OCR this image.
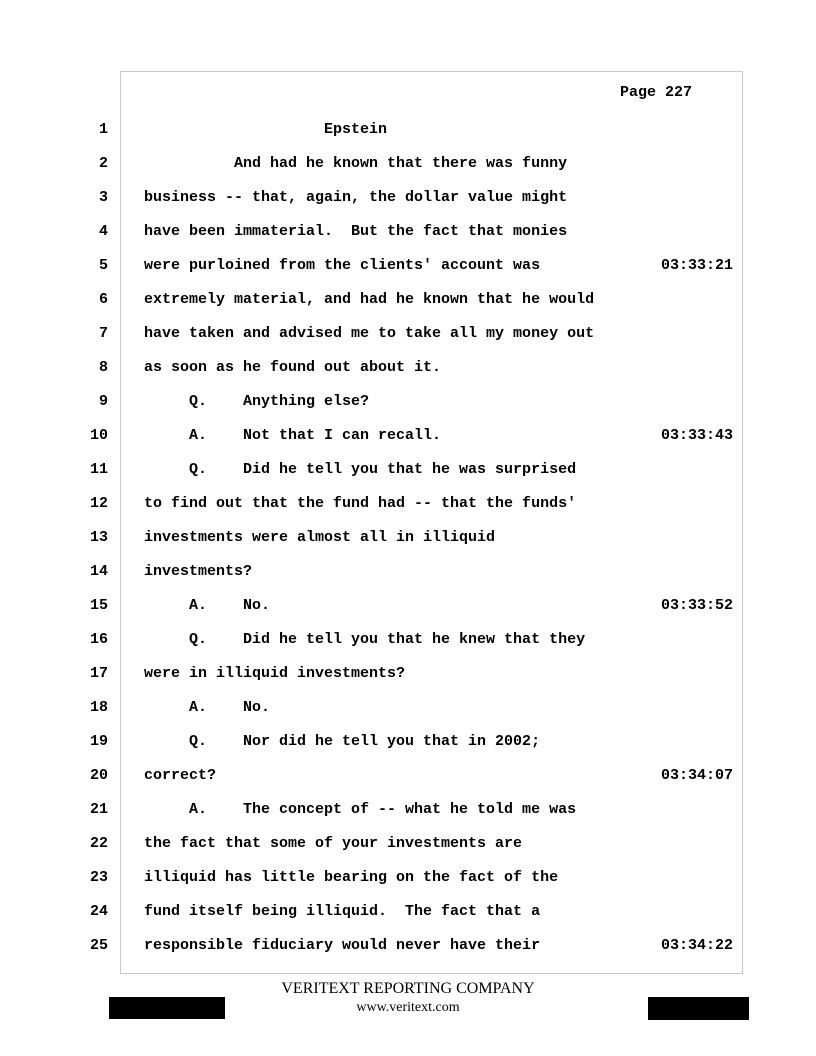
Page 227
1 Epstein
2 And had he known that there was funny
3 business -- that, again, the dollar value might
4 have been immaterial.  But the fact that monies
5 were purloined from the clients' account was	03:33:21
6 extremely material, and had he known that he would
7 have taken and advised me to take all my money out
8 as soon as he found out about it.
9 Q.    Anything else?
10 A.    Not that I can recall.	03:33:43
11 Q.    Did he tell you that he was surprised
12 to find out that the fund had -- that the funds'
13 investments were almost all in illiquid
14 investments?
15 A.    No.	03:33:52
16 Q.    Did he tell you that he knew that they
17 were in illiquid investments?
18 A.    No.
19 Q.    Nor did he tell you that in 2002;
20 correct?	03:34:07
21 A.    The concept of -- what he told me was
22 the fact that some of your investments are
23 illiquid has little bearing on the fact of the
24 fund itself being illiquid.  The fact that a
25 responsible fiduciary would never have their	03:34:22
VERITEXT REPORTING COMPANY
www.veritext.com
